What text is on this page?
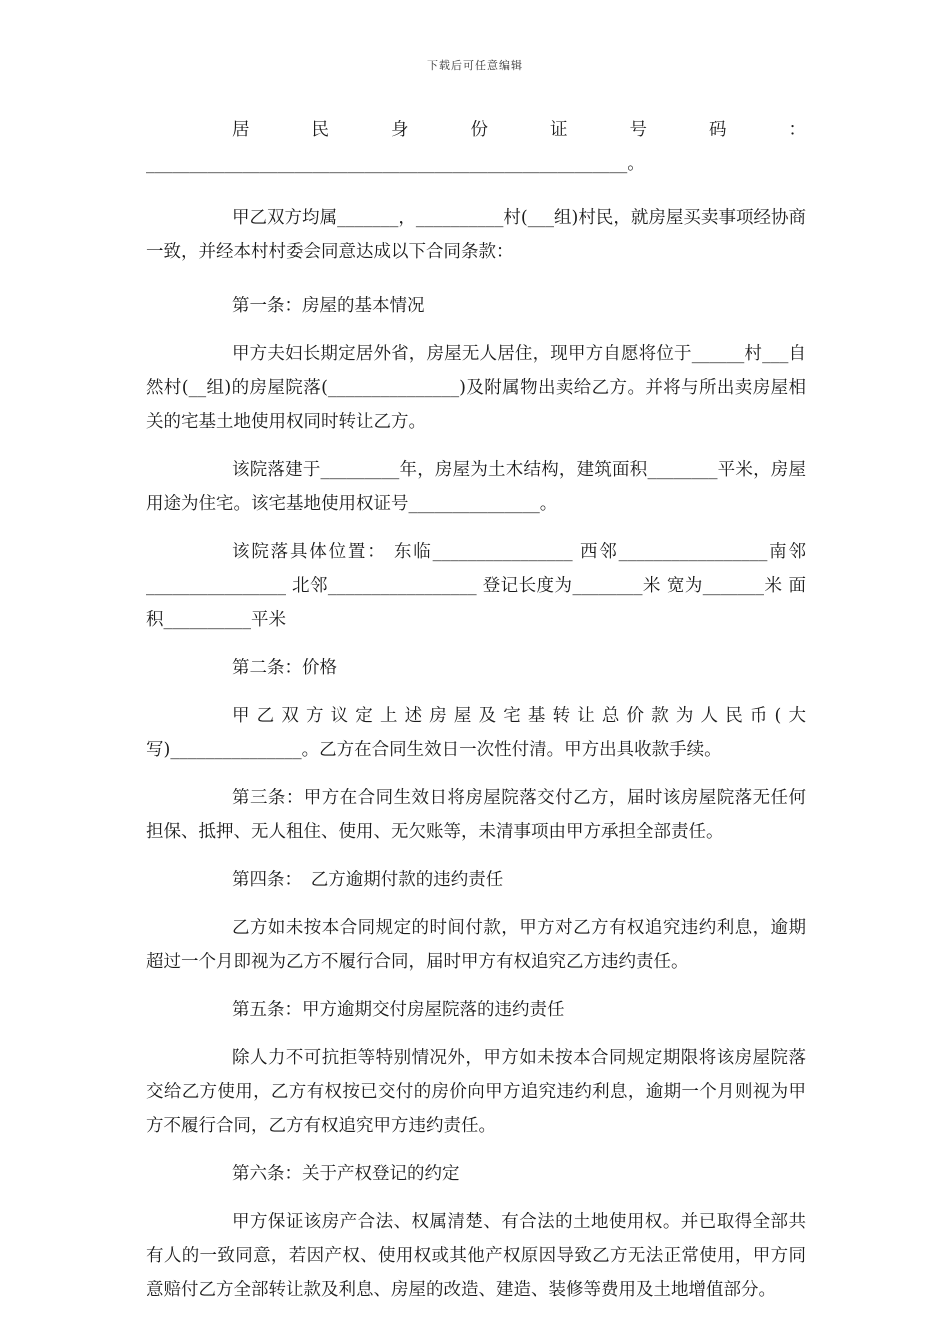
下载后可任意编辑

居民身份证号码：_______________________________________________________。

甲乙双方均属_______，__________村(___组)村民，就房屋买卖事项经协商一致，并经本村村委会同意达成以下合同条款：

第一条：房屋的基本情况

甲方夫妇长期定居外省，房屋无人居住，现甲方自愿将位于______村___自然村(__组)的房屋院落(_______________)及附属物出卖给乙方。并将与所出卖房屋相关的宅基土地使用权同时转让乙方。

该院落建于_________年，房屋为土木结构，建筑面积________平米，房屋用途为住宅。该宅基地使用权证号_______________。

该院落具体位置： 东临________________ 西邻_________________南邻________________ 北邻_________________ 登记长度为________米 宽为_______米 面积__________平米

第二条：价格

甲乙双方议定上述房屋及宅基转让总价款为人民币(大写)_______________。乙方在合同生效日一次性付清。甲方出具收款手续。

第三条：甲方在合同生效日将房屋院落交付乙方，届时该房屋院落无任何担保、抵押、无人租住、使用、无欠账等，未清事项由甲方承担全部责任。

第四条：　乙方逾期付款的违约责任

乙方如未按本合同规定的时间付款，甲方对乙方有权追究违约利息，逾期超过一个月即视为乙方不履行合同，届时甲方有权追究乙方违约责任。

第五条：甲方逾期交付房屋院落的违约责任

除人力不可抗拒等特别情况外，甲方如未按本合同规定期限将该房屋院落交给乙方使用，乙方有权按已交付的房价向甲方追究违约利息，逾期一个月则视为甲方不履行合同，乙方有权追究甲方违约责任。

第六条：关于产权登记的约定

甲方保证该房产合法、权属清楚、有合法的土地使用权。并已取得全部共有人的一致同意，若因产权、使用权或其他产权原因导致乙方无法正常使用，甲方同意赔付乙方全部转让款及利息、房屋的改造、建造、装修等费用及土地增值部分。
